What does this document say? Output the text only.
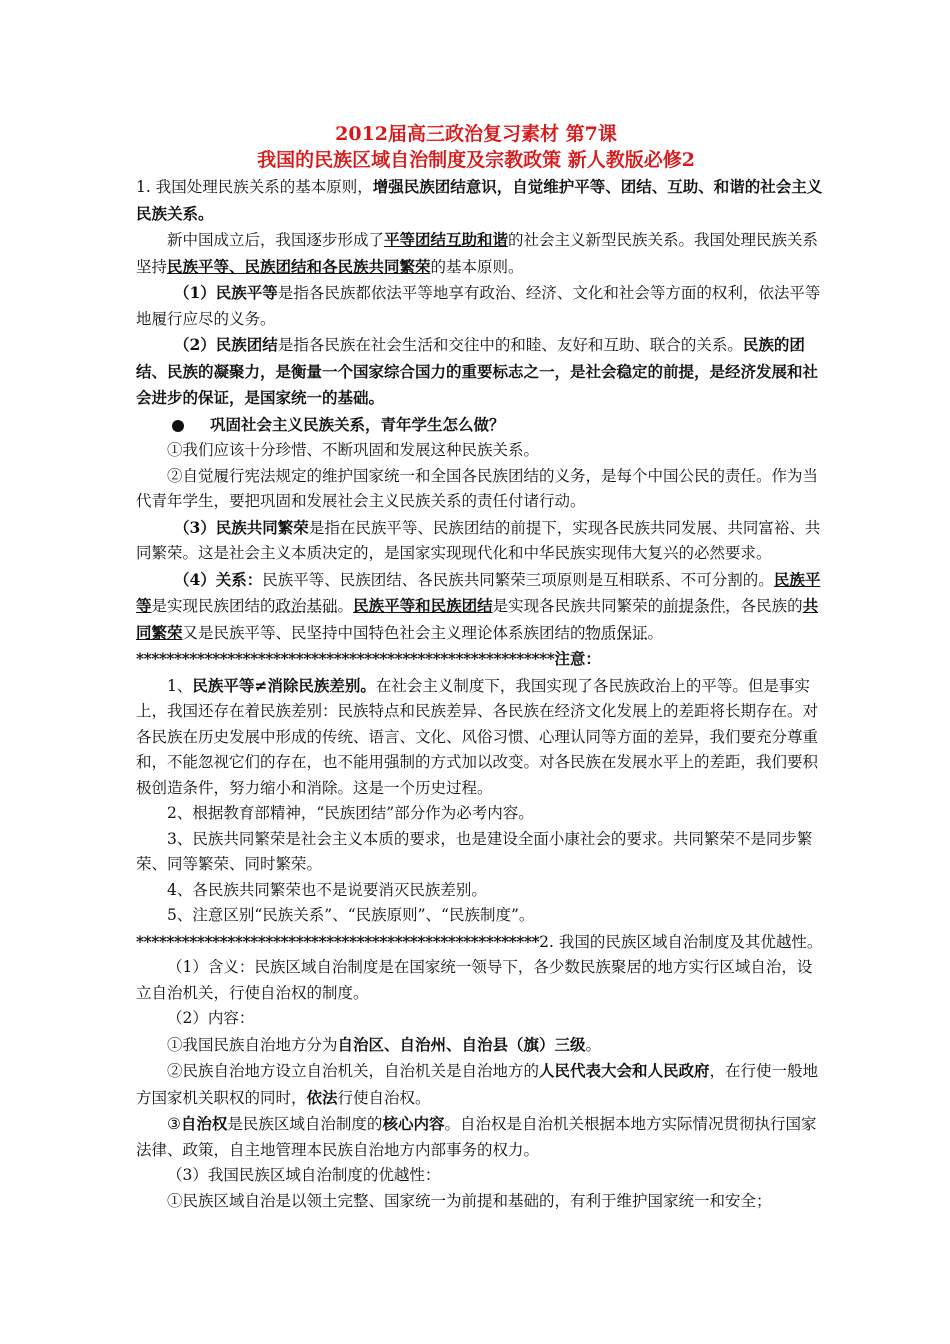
2012届高三政治复习素材 第7课
我国的民族区域自治制度及宗教政策 新人教版必修2

1. 我国处理民族关系的基本原则，增强民族团结意识，自觉维护平等、团结、互助、和谐的社会主义民族关系。

新中国成立后，我国逐步形成了平等团结互助和谐的社会主义新型民族关系。我国处理民族关系坚持民族平等、民族团结和各民族共同繁荣的基本原则。

（1）民族平等是指各民族都依法平等地享有政治、经济、文化和社会等方面的权利，依法平等地履行应尽的义务。

（2）民族团结是指各民族在社会生活和交往中的和睦、友好和互助、联合的关系。民族的团结、民族的凝聚力，是衡量一个国家综合国力的重要标志之一，是社会稳定的前提，是经济发展和社会进步的保证，是国家统一的基础。

巩固社会主义民族关系，青年学生怎么做？

①我们应该十分珍惜、不断巩固和发展这种民族关系。

②自觉履行宪法规定的维护国家统一和全国各民族团结的义务，是每个中国公民的责任。作为当代青年学生，要把巩固和发展社会主义民族关系的责任付诸行动。

（3）民族共同繁荣是指在民族平等、民族团结的前提下，实现各民族共同发展、共同富裕、共同繁荣。这是社会主义本质决定的，是国家实现现代化和中华民族实现伟大复兴的必然要求。

（4）关系：民族平等、民族团结、各民族共同繁荣三项原则是互相联系、不可分割的。民族平等是实现民族团结的政治基础。民族平等和民族团结是实现各民族共同繁荣的前提条件，各民族的共同繁荣又是民族平等、民坚持中国特色社会主义理论体系族团结的物质保证。

*******************************************************注意：

1、民族平等≠消除民族差别。在社会主义制度下，我国实现了各民族政治上的平等。但是事实上，我国还存在着民族差别：民族特点和民族差异、各民族在经济文化发展上的差距将长期存在。对各民族在历史发展中形成的传统、语言、文化、风俗习惯、心理认同等方面的差异，我们要充分尊重和，不能忽视它们的存在，也不能用强制的方式加以改变。对各民族在发展水平上的差距，我们要积极创造条件，努力缩小和消除。这是一个历史过程。

2、根据教育部精神，“民族团结”部分作为必考内容。

3、民族共同繁荣是社会主义本质的要求，也是建设全面小康社会的要求。共同繁荣不是同步繁荣、同等繁荣、同时繁荣。

4、各民族共同繁荣也不是说要消灭民族差别。

5、注意区别“民族关系”、“民族原则”、“民族制度”。

*****************************************************2. 我国的民族区域自治制度及其优越性。

（1）含义：民族区域自治制度是在国家统一领导下，各少数民族聚居的地方实行区域自治，设立自治机关，行使自治权的制度。

（2）内容：

①我国民族自治地方分为自治区、自治州、自治县（旗）三级。

②民族自治地方设立自治机关，自治机关是自治地方的人民代表大会和人民政府，在行使一般地方国家机关职权的同时，依法行使自治权。

③自治权是民族区域自治制度的核心内容。自治权是自治机关根据本地方实际情况贯彻执行国家法律、政策，自主地管理本民族自治地方内部事务的权力。

（3）我国民族区域自治制度的优越性：

①民族区域自治是以领土完整、国家统一为前提和基础的，有利于维护国家统一和安全；
